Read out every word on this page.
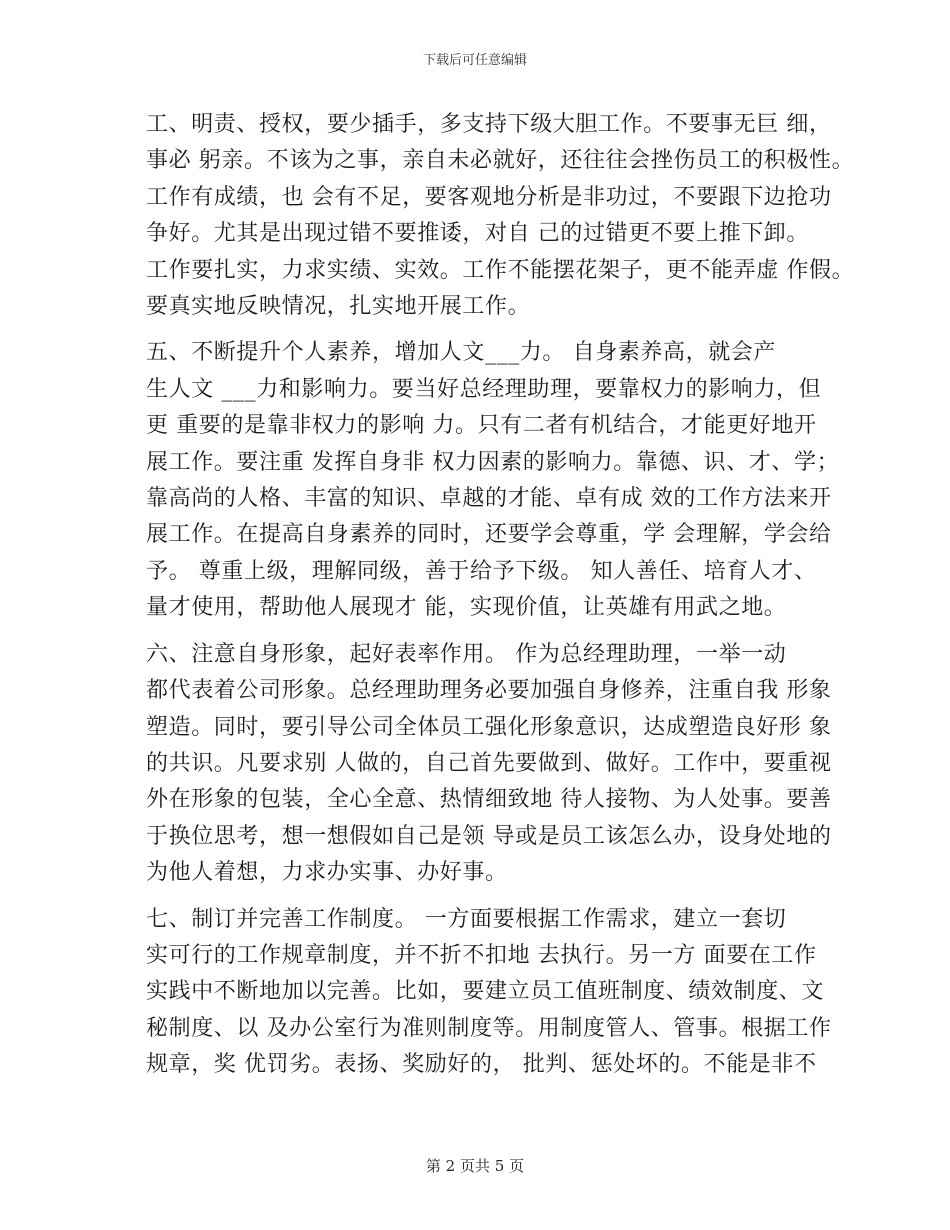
下载后可任意编辑
工、明责、授权，要少插手，多支持下级大胆工作。不要事无巨 细，
事必 躬亲。不该为之事，亲自未必就好，还往往会挫伤员工的积极性。
工作有成绩，也 会有不足，要客观地分析是非功过，不要跟下边抢功
争好。尤其是出现过错不要推诿，对自 己的过错更不要上推下卸。
工作要扎实，力求实绩、实效。工作不能摆花架子，更不能弄虚 作假。
要真实地反映情况，扎实地开展工作。
五、不断提升个人素养，增加人文___力。 自身素养高，就会产
生人文 ___力和影响力。要当好总经理助理，要靠权力的影响力，但
更 重要的是靠非权力的影响 力。只有二者有机结合，才能更好地开
展工作。要注重 发挥自身非 权力因素的影响力。靠德、识、才、学；
靠高尚的人格、丰富的知识、卓越的才能、卓有成 效的工作方法来开
展工作。在提高自身素养的同时，还要学会尊重，学 会理解，学会给
予。 尊重上级，理解同级，善于给予下级。 知人善任、培育人才、
量才使用，帮助他人展现才 能，实现价值，让英雄有用武之地。
六、注意自身形象，起好表率作用。 作为总经理助理，一举一动
都代表着公司形象。总经理助理务必要加强自身修养，注重自我 形象
塑造。同时，要引导公司全体员工强化形象意识，达成塑造良好形 象
的共识。凡要求别 人做的，自己首先要做到、做好。工作中，要重视
外在形象的包装，全心全意、热情细致地 待人接物、为人处事。要善
于换位思考，想一想假如自己是领 导或是员工该怎么办，设身处地的
为他人着想，力求办实事、办好事。
七、制订并完善工作制度。 一方面要根据工作需求，建立一套切
实可行的工作规章制度，并不折不扣地 去执行。另一方 面要在工作
实践中不断地加以完善。比如，要建立员工值班制度、绩效制度、文
秘制度、以 及办公室行为准则制度等。用制度管人、管事。根据工作
规章，奖 优罚劣。表扬、奖励好的， 批判、惩处坏的。不能是非不
第 2 页共 5 页
